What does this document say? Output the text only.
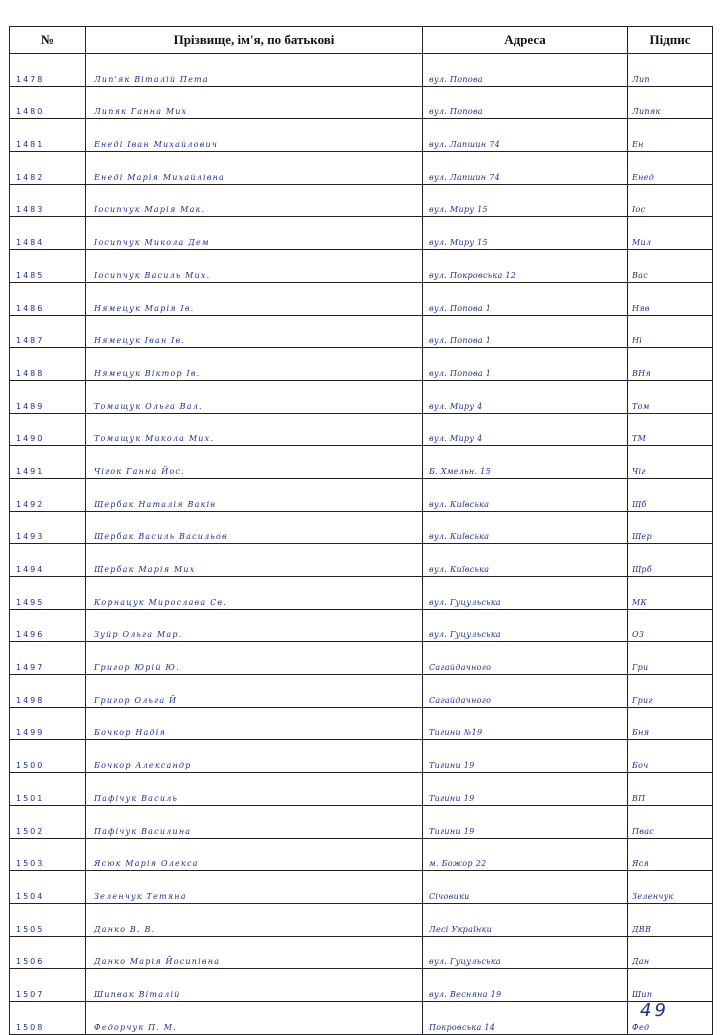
№	Прізвище, ім'я, по батькові	Адреса	Підпис

1478	Лип'як Віталій Пета	вул. Попова	Лип

1480	Липяк Ганна Мих	вул. Попова	Липяк

1481	Енеді Іван Михайлович	вул. Лапшин 74	Ен

1482	Енеді Марія Михайлівна	вул. Лапшин 74	Енед

1483	Іосипчук Марія Мак.	вул. Миру 15	Іос

1484	Іосипчук Микола Дем	вул. Миру 15	Мил

1485	Іосипчук Василь Мих.	вул. Покровська 12	Вас

1486	Нямецук Марія Ів.	вул. Попова 1	Няв

1487	Нямецук Іван Ів.	вул. Попова 1	Ні

1488	Нямецук Віктор Ів.	вул. Попова 1	ВНя

1489	Томащук Ольга Вал.	вул. Миру 4	Том

1490	Томащук Микола Мих.	вул. Миру 4	ТМ

1491	Чігок Ганна Йос.	Б. Хмельн. 15	Чіг

1492	Щербак Наталія Ваків	вул. Київська	Щб

1493	Щербак Василь Васильов	вул. Київська	Щер

1494	Щербак Марія Мих	вул. Київська	Щрб

1495	Корнацук Мирослава Св.	вул. Гуцульська	МК

1496	Зуйр Ольга Мар.	вул. Гуцульська	ОЗ

1497	Григор Юрій Ю.	Сагайдачного	Гри

1498	Григор Ольга Й	Сагайдачного	Григ

1499	Бочкор Надія	Тигини №19	Бня

1500	Бочкор Александр	Тигини 19	Боч

1501	Пафічук Василь	Тигини 19	ВП

1502	Пафічук Василина	Тигини 19	Пвас

1503	Ясюк Марія Олекса	м. Божор 22	Яся

1504	Зеленчук Тетяна	Січовики	Зеленчук

1505	Данко В. В.	Лесі Українки	ДВВ

1506	Данко Марія Йосипівна	вул. Гуцульська	Дан

1507	Шипвак Віталій	вул. Весняна 19	Шип

1508	Федорчук П. М.	Покровська 14	Фед
49
